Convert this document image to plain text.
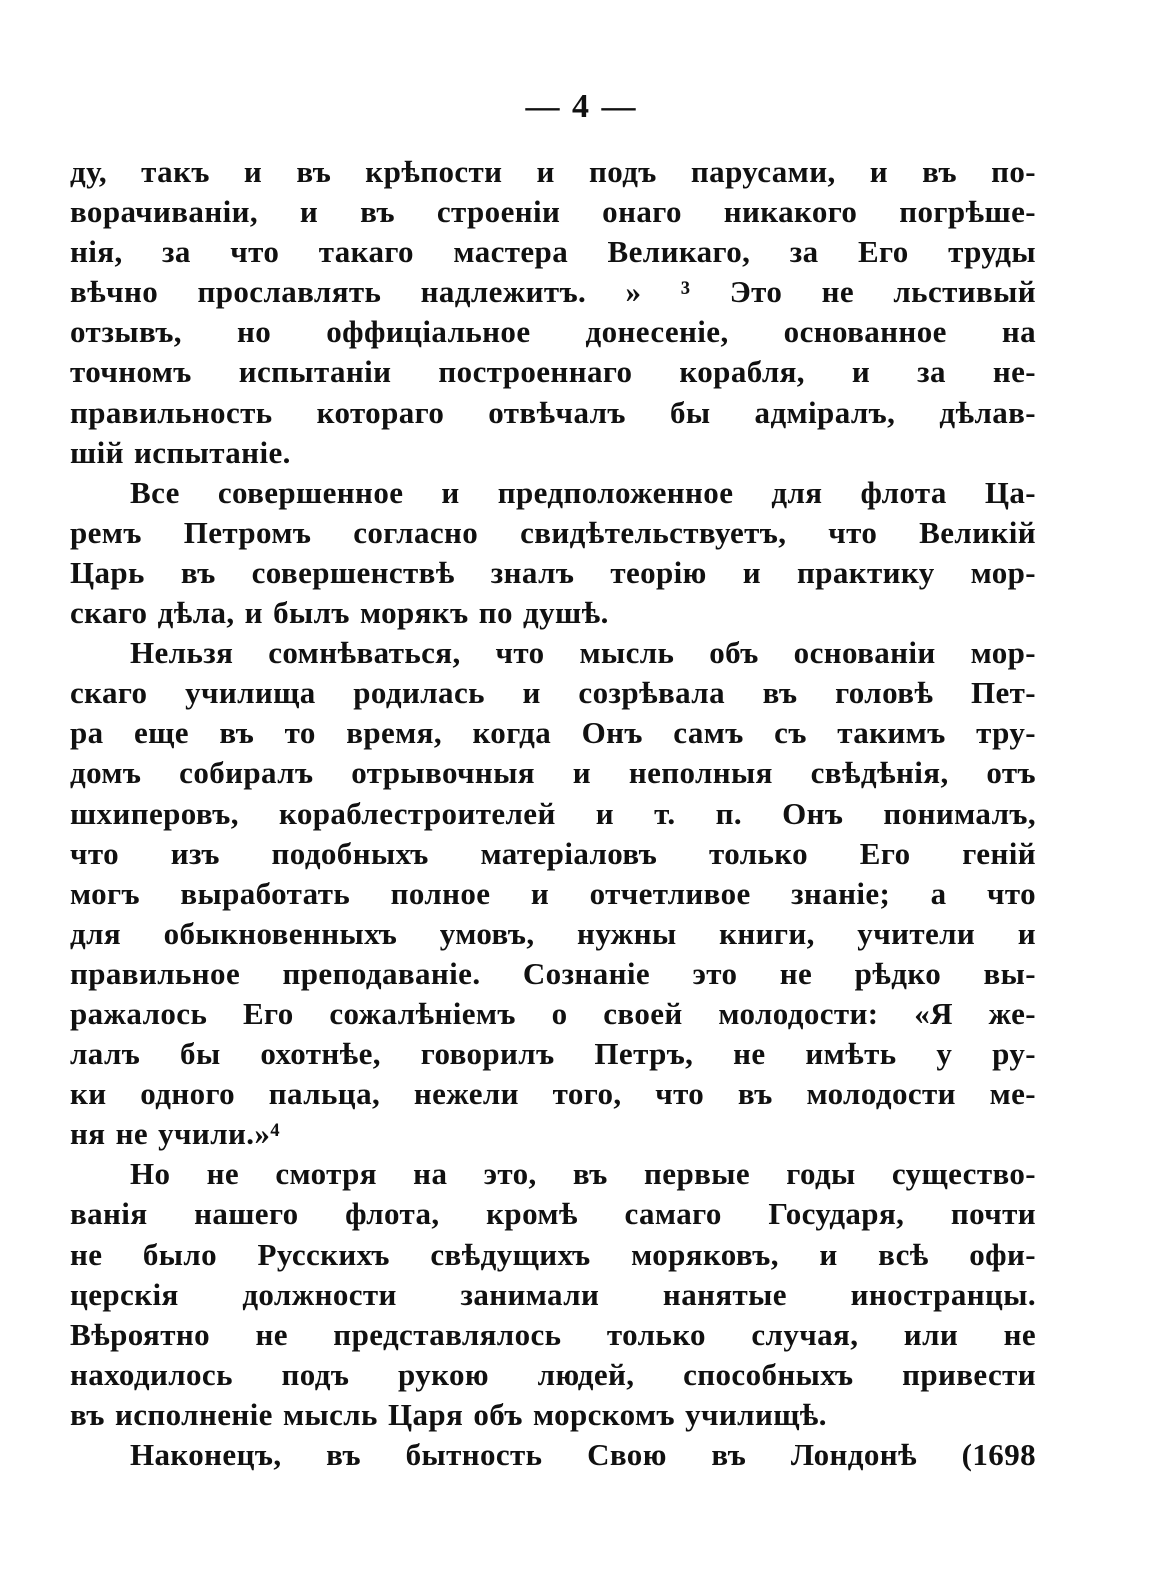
— 4 —
ду, такъ и въ крѣпости и подъ парусами, и въ по-
ворачиваніи, и въ строеніи онаго никакого погрѣше-
нія, за что такаго мастера Великаго, за Его труды
вѣчно прославлять надлежитъ. » ³ Это не льстивый
отзывъ, но оффиціальное донесеніе, основанное на
точномъ испытаніи построеннаго корабля, и за не-
правильность котораго отвѣчалъ бы адміралъ, дѣлав-
шій испытаніе.
Все совершенное и предположенное для флота Ца-
ремъ Петромъ согласно свидѣтельствуетъ, что Великій
Царь въ совершенствѣ зналъ теорію и практику мор-
скаго дѣла, и былъ морякъ по душѣ.
Нельзя сомнѣваться, что мысль объ основаніи мор-
скаго училища родилась и созрѣвала въ головѣ Пет-
ра еще въ то время, когда Онъ самъ съ такимъ тру-
домъ собиралъ отрывочныя и неполныя свѣдѣнія, отъ
шхиперовъ, кораблестроителей и т. п. Онъ понималъ,
что изъ подобныхъ матеріаловъ только Его геній
могъ выработать полное и отчетливое знаніе; а что
для обыкновенныхъ умовъ, нужны книги, учители и
правильное преподаваніе. Сознаніе это не рѣдко вы-
ражалось Его сожалѣніемъ о своей молодости: «Я же-
лалъ бы охотнѣе, говорилъ Петръ, не имѣть у ру-
ки одного пальца, нежели того, что въ молодости ме-
ня не учили.»⁴
Но не смотря на это, въ первые годы существо-
ванія нашего флота, кромѣ самаго Государя, почти
не было Русскихъ свѣдущихъ моряковъ, и всѣ офи-
церскія должности занимали нанятые иностранцы.
Вѣроятно не представлялось только случая, или не
находилось подъ рукою людей, способныхъ привести
въ исполненіе мысль Царя объ морскомъ училищѣ.
Наконецъ, въ бытность Свою въ Лондонѣ (1698
